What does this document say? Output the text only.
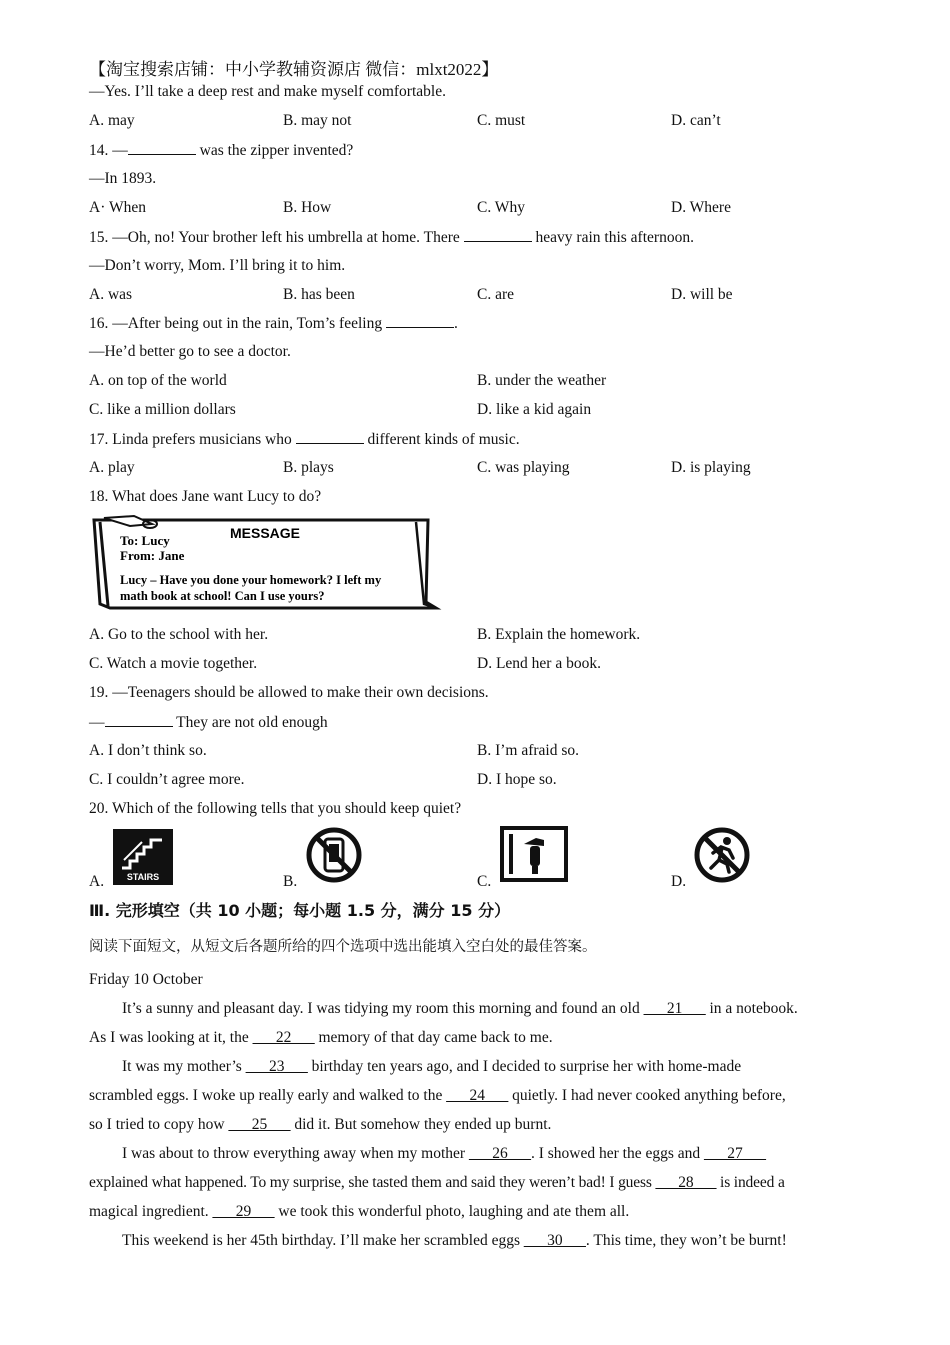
【淘宝搜索店铺：中小学教辅资源店 微信：mlxt2022】
—Yes. I’ll take a deep rest and make myself comfortable.
A. may	B. may not	C. must	D. can’t
14. —	was the zipper invented?
—In 1893.
A· When	B. How	C. Why	D. Where
15. —Oh, no! Your brother left his umbrella at home. There	heavy rain this afternoon.
—Don’t worry, Mom. I’ll bring it to him.
A. was	B. has been	C. are	D. will be
16. —After being out in the rain, Tom’s feeling	.
—He’d better go to see a doctor.
A. on top of the world	B. under the weather
C. like a million dollars	D. like a kid again
17. Linda prefers musicians who	different kinds of music.
A. play	B. plays	C. was playing	D. is playing
18. What does Jane want Lucy to do?
MESSAGE
To: Lucy
From: Jane
Lucy – Have you done your homework? I left my
math book at school! Can I use yours?
A. Go to the school with her.	B. Explain the homework.
C. Watch a movie together.	D. Lend her a book.
19. —Teenagers should be allowed to make their own decisions.
—	They are not old enough
A. I don’t think so.	B. I’m afraid so.
C. I couldn’t agree more.	D. I hope so.
20. Which of the following tells that you should keep quiet?
A.	STAIRS	B.	C.	D.
Ⅲ. 完形填空（共 10 小题；每小题 1.5 分，满分 15 分）
阅读下面短文，从短文后各题所给的四个选项中选出能填入空白处的最佳答案。
Friday 10 October
It’s a sunny and pleasant day. I was tidying my room this morning and found an old ___21___ in a notebook.
As I was looking at it, the ___22___ memory of that day came back to me.
It was my mother’s ___23___ birthday ten years ago, and I decided to surprise her with home-made
scrambled eggs. I woke up really early and walked to the ___24___ quietly. I had never cooked anything before,
so I tried to copy how ___25___ did it. But somehow they ended up burnt.
I was about to throw everything away when my mother ___26___. I showed her the eggs and ___27___
explained what happened. To my surprise, she tasted them and said they weren’t bad! I guess ___28___ is indeed a
magical ingredient. ___29___ we took this wonderful photo, laughing and ate them all.
This weekend is her 45th birthday. I’ll make her scrambled eggs ___30___. This time, they won’t be burnt!
